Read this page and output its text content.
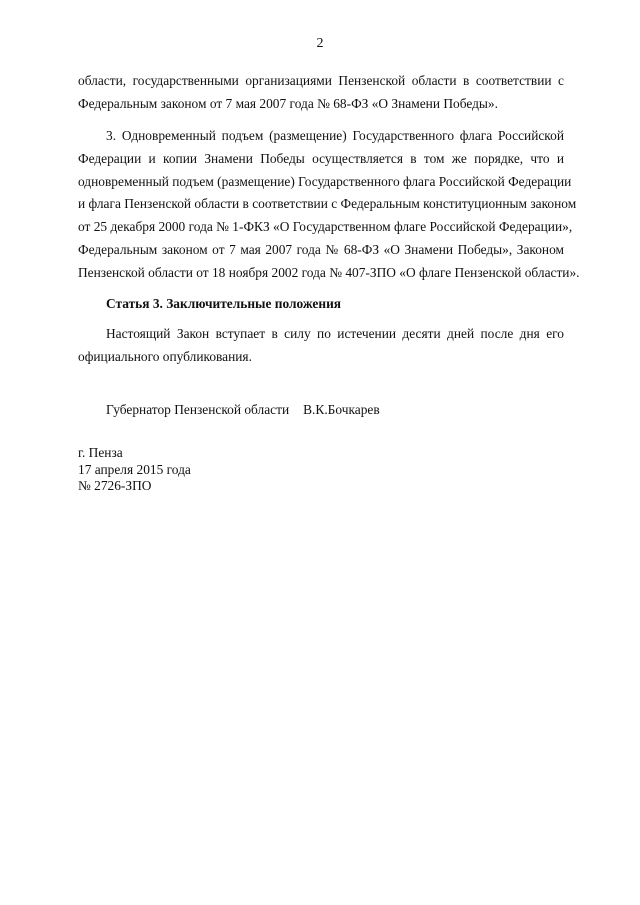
2
области, государственными организациями Пензенской области в соответствии с
Федеральным законом от 7 мая 2007 года № 68-ФЗ «О Знамени Победы».
3. Одновременный подъем (размещение) Государственного флага Российской
Федерации и копии Знамени Победы осуществляется в том же порядке, что и
одновременный подъем (размещение) Государственного флага Российской Федерации
и флага Пензенской области в соответствии с Федеральным конституционным законом
от 25 декабря 2000 года № 1-ФКЗ «О Государственном флаге Российской Федерации»,
Федеральным законом от 7 мая 2007 года № 68-ФЗ «О Знамени Победы», Законом
Пензенской области от 18 ноября 2002 года № 407-ЗПО «О флаге Пензенской области».
Статья 3. Заключительные положения
Настоящий Закон вступает в силу по истечении десяти дней после дня его
официального опубликования.
Губернатор Пензенской области В.К.Бочкарев
г. Пенза
17 апреля 2015 года
№ 2726-ЗПО
